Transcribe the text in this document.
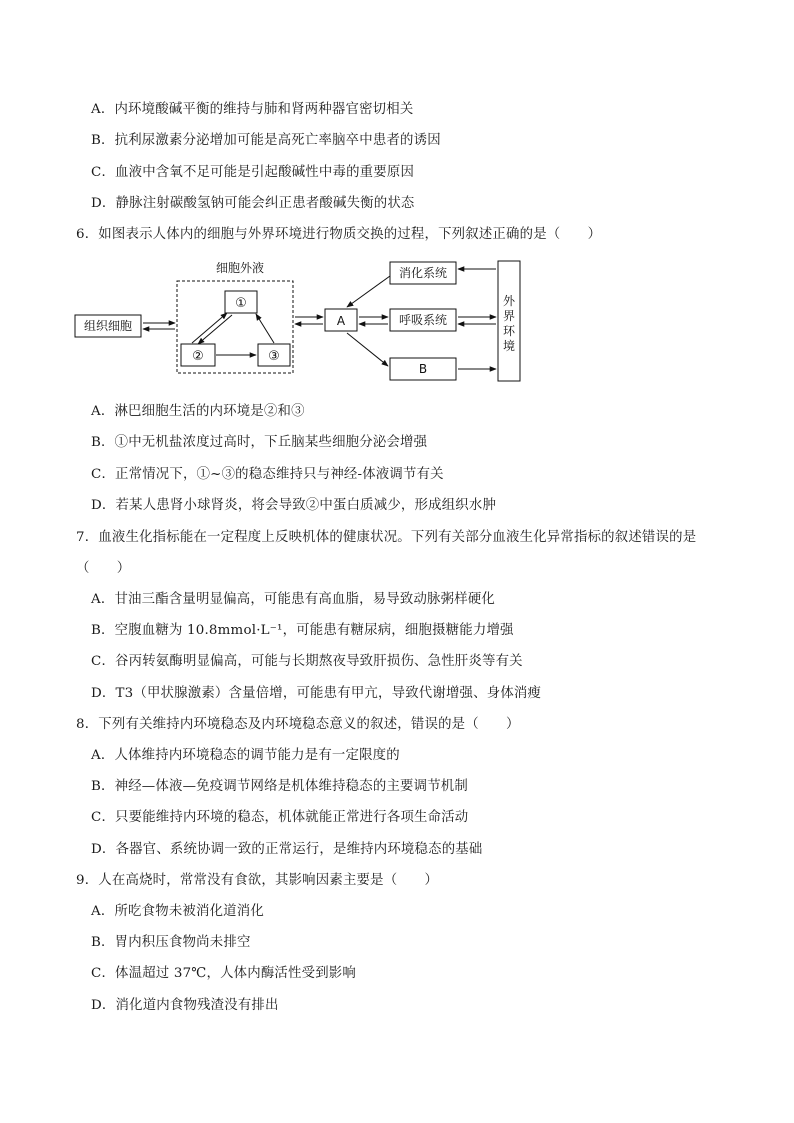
A．内环境酸碱平衡的维持与肺和肾两种器官密切相关
B．抗利尿激素分泌增加可能是高死亡率脑卒中患者的诱因
C．血液中含氧不足可能是引起酸碱性中毒的重要原因
D．静脉注射碳酸氢钠可能会纠正患者酸碱失衡的状态
6．如图表示人体内的细胞与外界环境进行物质交换的过程，下列叙述正确的是（　　）
细胞外液
组织细胞
①
②	③
A
消化系统
呼吸系统
B
外
界
环
境
A．淋巴细胞生活的内环境是②和③
B．①中无机盐浓度过高时，下丘脑某些细胞分泌会增强
C．正常情况下，①~③的稳态维持只与神经-体液调节有关
D．若某人患肾小球肾炎，将会导致②中蛋白质减少，形成组织水肿
7．血液生化指标能在一定程度上反映机体的健康状况。下列有关部分血液生化异常指标的叙述错误的是
（　　）
A．甘油三酯含量明显偏高，可能患有高血脂，易导致动脉粥样硬化
B．空腹血糖为 10.8mmol·L⁻¹，可能患有糖尿病，细胞摄糖能力增强
C．谷丙转氨酶明显偏高，可能与长期熬夜导致肝损伤、急性肝炎等有关
D．T3（甲状腺激素）含量倍增，可能患有甲亢，导致代谢增强、身体消瘦
8．下列有关维持内环境稳态及内环境稳态意义的叙述，错误的是（　　）
A．人体维持内环境稳态的调节能力是有一定限度的
B．神经—体液—免疫调节网络是机体维持稳态的主要调节机制
C．只要能维持内环境的稳态，机体就能正常进行各项生命活动
D．各器官、系统协调一致的正常运行，是维持内环境稳态的基础
9．人在高烧时，常常没有食欲，其影响因素主要是（　　）
A．所吃食物未被消化道消化
B．胃内积压食物尚未排空
C．体温超过 37℃，人体内酶活性受到影响
D．消化道内食物残渣没有排出
